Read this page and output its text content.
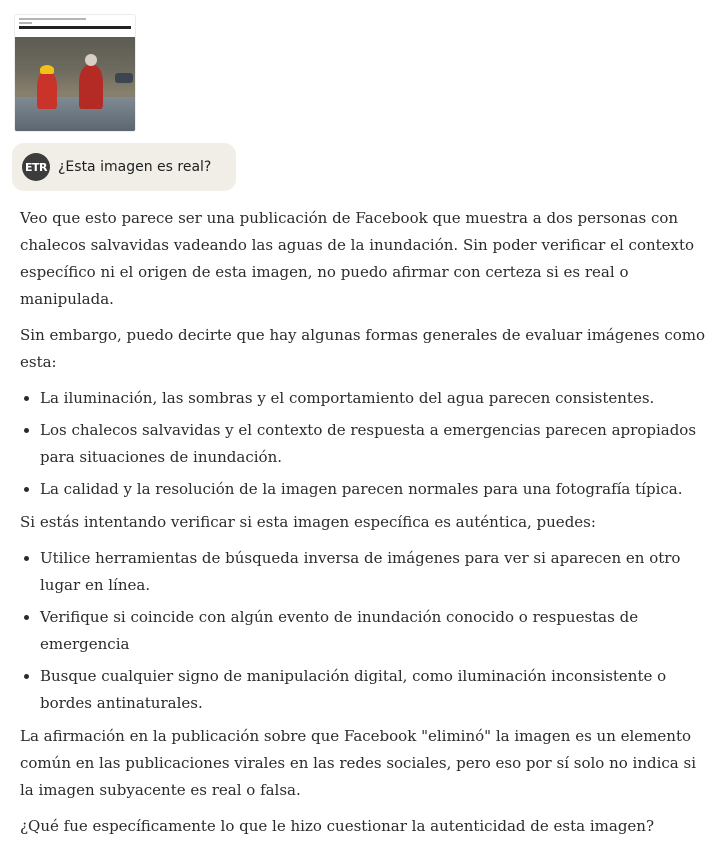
ETR ¿Esta imagen es real?

Veo que esto parece ser una publicación de Facebook que muestra a dos personas con chalecos salvavidas vadeando las aguas de la inundación. Sin poder verificar el contexto específico ni el origen de esta imagen, no puedo afirmar con certeza si es real o manipulada.

Sin embargo, puedo decirte que hay algunas formas generales de evaluar imágenes como esta:

• La iluminación, las sombras y el comportamiento del agua parecen consistentes.
• Los chalecos salvavidas y el contexto de respuesta a emergencias parecen apropiados para situaciones de inundación.
• La calidad y la resolución de la imagen parecen normales para una fotografía típica.

Si estás intentando verificar si esta imagen específica es auténtica, puedes:

• Utilice herramientas de búsqueda inversa de imágenes para ver si aparecen en otro lugar en línea.
• Verifique si coincide con algún evento de inundación conocido o respuestas de emergencia
• Busque cualquier signo de manipulación digital, como iluminación inconsistente o bordes antinaturales.

La afirmación en la publicación sobre que Facebook "eliminó" la imagen es un elemento común en las publicaciones virales en las redes sociales, pero eso por sí solo no indica si la imagen subyacente es real o falsa.

¿Qué fue específicamente lo que le hizo cuestionar la autenticidad de esta imagen?
